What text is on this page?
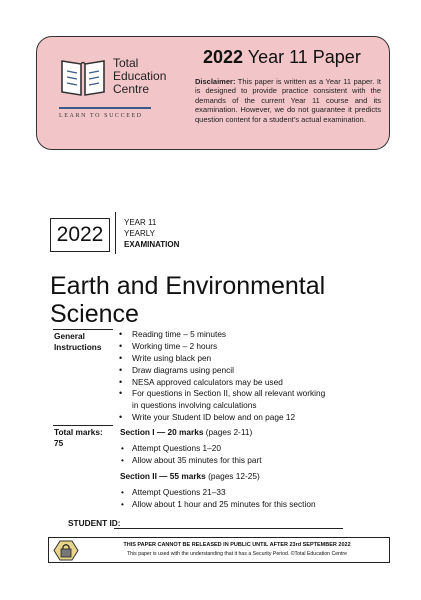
Total
Education
Centre
LEARN TO SUCCEED
2022 Year 11 Paper
Disclaimer: This paper is written as a Year 11 paper. It is designed to provide practice consistent with the demands of the current Year 11 course and its examination. However, we do not guarantee it predicts question content for a student’s actual examination.
2022
YEAR 11
YEARLY
EXAMINATION
Earth and Environmental Science
General
Instructions
• Reading time – 5 minutes
• Working time – 2 hours
• Write using black pen
• Draw diagrams using pencil
• NESA approved calculators may be used
• For questions in Section II, show all relevant working in questions involving calculations
• Write your Student ID below and on page 12
Total marks:
75
Section I — 20 marks (pages 2-11)
• Attempt Questions 1–20
• Allow about 35 minutes for this part
Section II — 55 marks (pages 12-25)
• Attempt Questions 21–33
• Allow about 1 hour and 25 minutes for this section
STUDENT ID:
THIS PAPER CANNOT BE RELEASED IN PUBLIC UNTIL AFTER 23rd SEPTEMBER 2022
This paper is used with the understanding that it has a Security Period. ©Total Education Centre
